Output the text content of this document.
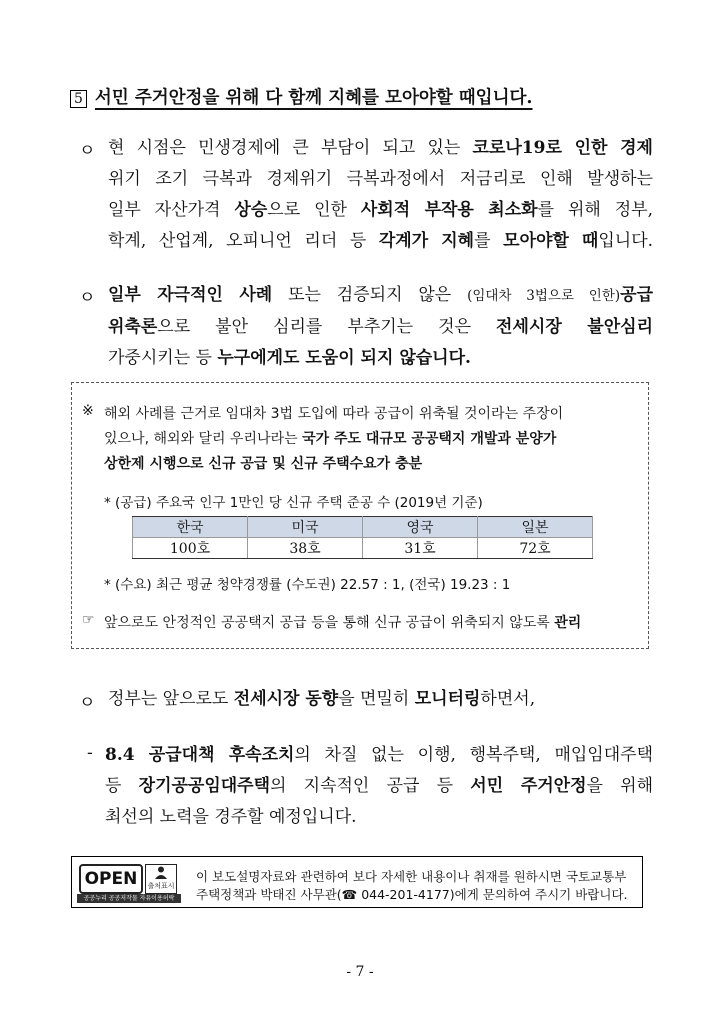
5 서민 주거안정을 위해 다 함께 지혜를 모아야할 때입니다.
ㅇ 현 시점은 민생경제에 큰 부담이 되고 있는 코로나19로 인한 경제
위기 조기 극복과 경제위기 극복과정에서 저금리로 인해 발생하는
일부 자산가격 상승으로 인한 사회적 부작용 최소화를 위해 정부,
학계, 산업계, 오피니언 리더 등 각계가 지혜를 모아야할 때입니다.
ㅇ 일부 자극적인 사례 또는 검증되지 않은 (임대차 3법으로 인한)공급
위축론으로 불안 심리를 부추기는 것은 전세시장 불안심리
가중시키는 등 누구에게도 도움이 되지 않습니다.
※ 해외 사례를 근거로 임대차 3법 도입에 따라 공급이 위축될 것이라는 주장이
있으나, 해외와 달리 우리나라는 국가 주도 대규모 공공택지 개발과 분양가
상한제 시행으로 신규 공급 및 신규 주택수요가 충분
* (공급) 주요국 인구 1만인 당 신규 주택 준공 수 (2019년 기준)
* (수요) 최근 평균 청약경쟁률 (수도권) 22.57 : 1, (전국) 19.23 : 1
☞ 앞으로도 안정적인 공공택지 공급 등을 통해 신규 공급이 위축되지 않도록 관리
한국	미국	영국	일본
100호	38호	31호	72호
ㅇ 정부는 앞으로도 전세시장 동향을 면밀히 모니터링하면서,
- 8.4 공급대책 후속조치의 차질 없는 이행, 행복주택, 매입임대주택
등 장기공공임대주택의 지속적인 공급 등 서민 주거안정을 위해
최선의 노력을 경주할 예정입니다.
OPEN	출처표시
공공누리 공공저작물 자유이용허락
이 보도설명자료와 관련하여 보다 자세한 내용이나 취재를 원하시면 국토교통부
주택정책과 박태진 사무관(☎ 044-201-4177)에게 문의하여 주시기 바랍니다.
- 7 -
